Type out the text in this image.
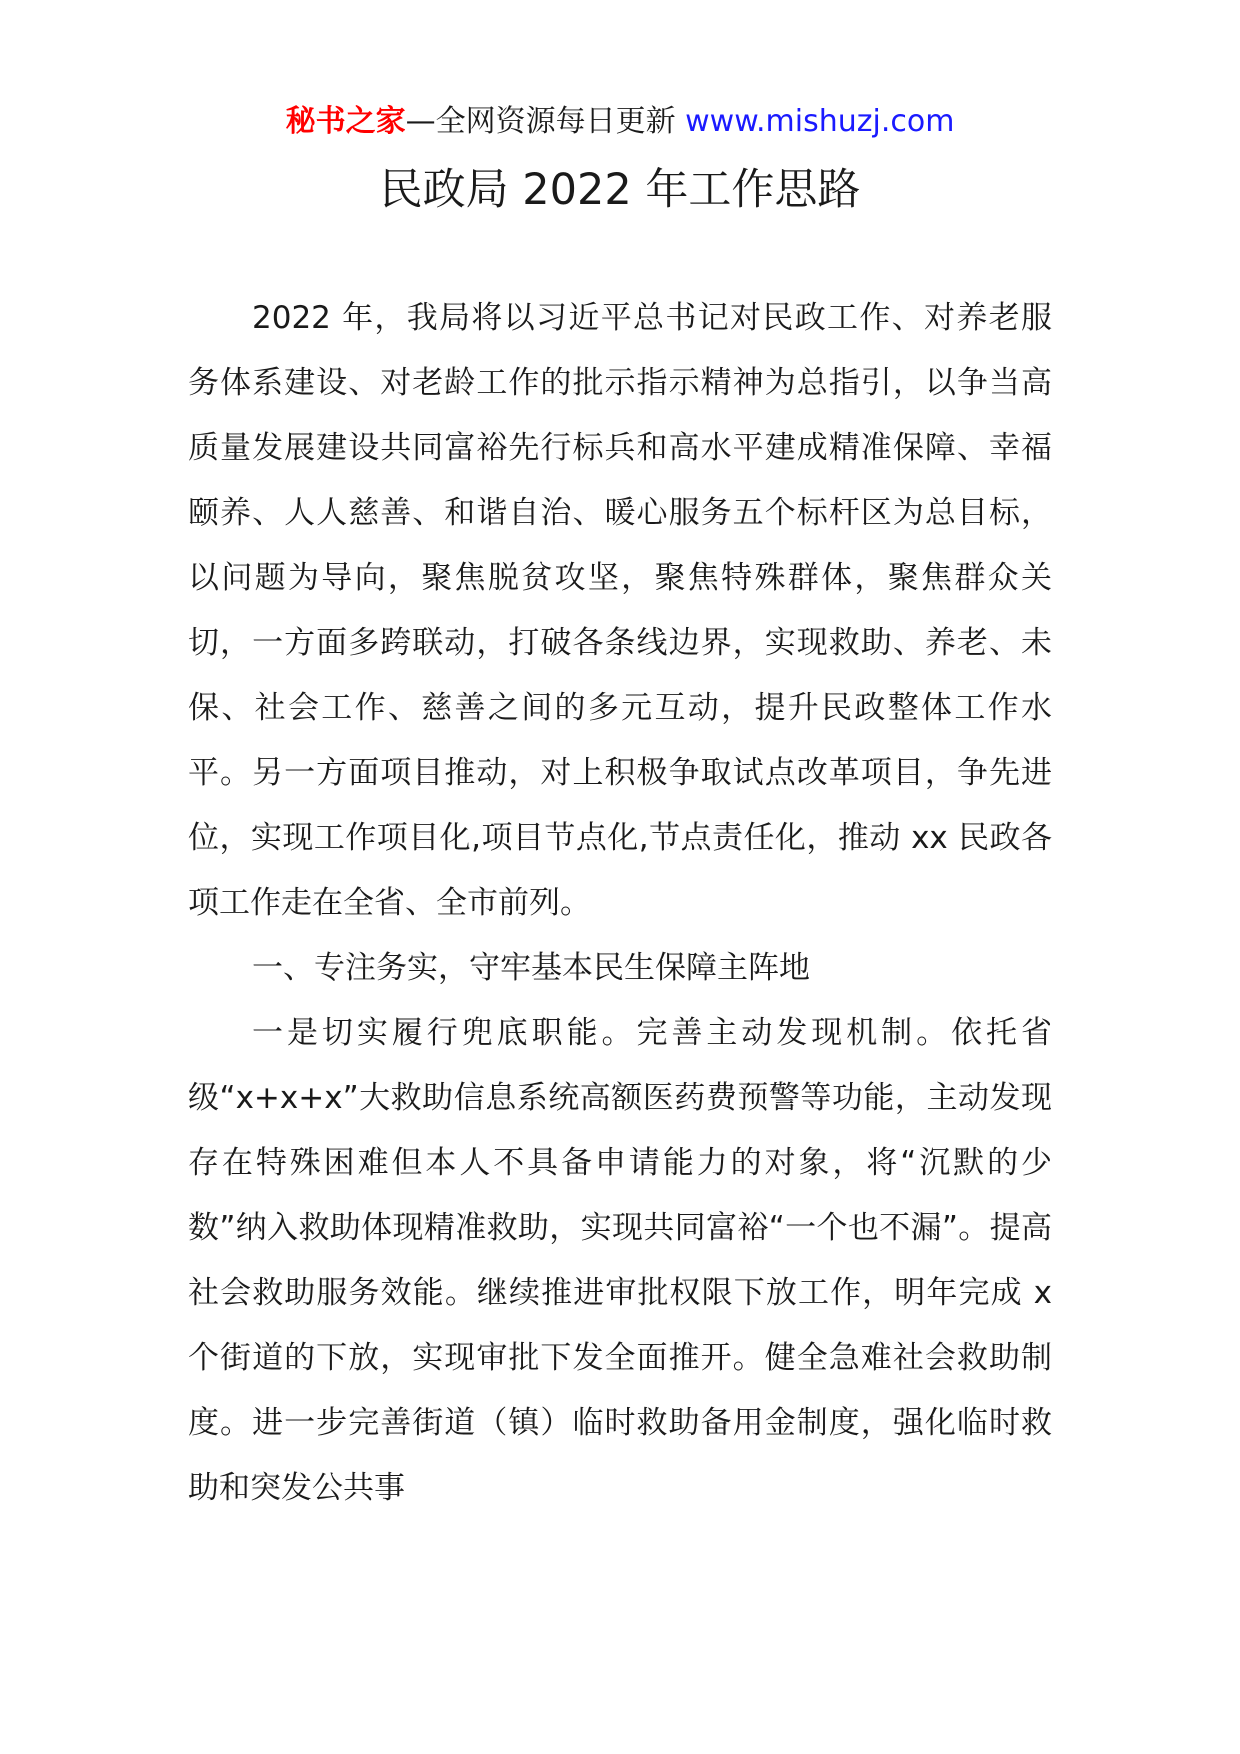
秘书之家—全网资源每日更新 www.mishuzj.com
民政局 2022 年工作思路

2022 年，我局将以习近平总书记对民政工作、对养老服务体系建设、对老龄工作的批示指示精神为总指引，以争当高质量发展建设共同富裕先行标兵和高水平建成精准保障、幸福颐养、人人慈善、和谐自治、暖心服务五个标杆区为总目标，以问题为导向，聚焦脱贫攻坚，聚焦特殊群体，聚焦群众关切，一方面多跨联动，打破各条线边界，实现救助、养老、未保、社会工作、慈善之间的多元互动，提升民政整体工作水平。另一方面项目推动，对上积极争取试点改革项目，争先进位，实现工作项目化,项目节点化,节点责任化，推动 xx 民政各项工作走在全省、全市前列。

一、专注务实，守牢基本民生保障主阵地

一是切实履行兜底职能。完善主动发现机制。依托省级“x+x+x”大救助信息系统高额医药费预警等功能，主动发现存在特殊困难但本人不具备申请能力的对象，将“沉默的少数”纳入救助体现精准救助，实现共同富裕“一个也不漏”。提高社会救助服务效能。继续推进审批权限下放工作，明年完成 x 个街道的下放，实现审批下发全面推开。健全急难社会救助制度。进一步完善街道（镇）临时救助备用金制度，强化临时救助和突发公共事
